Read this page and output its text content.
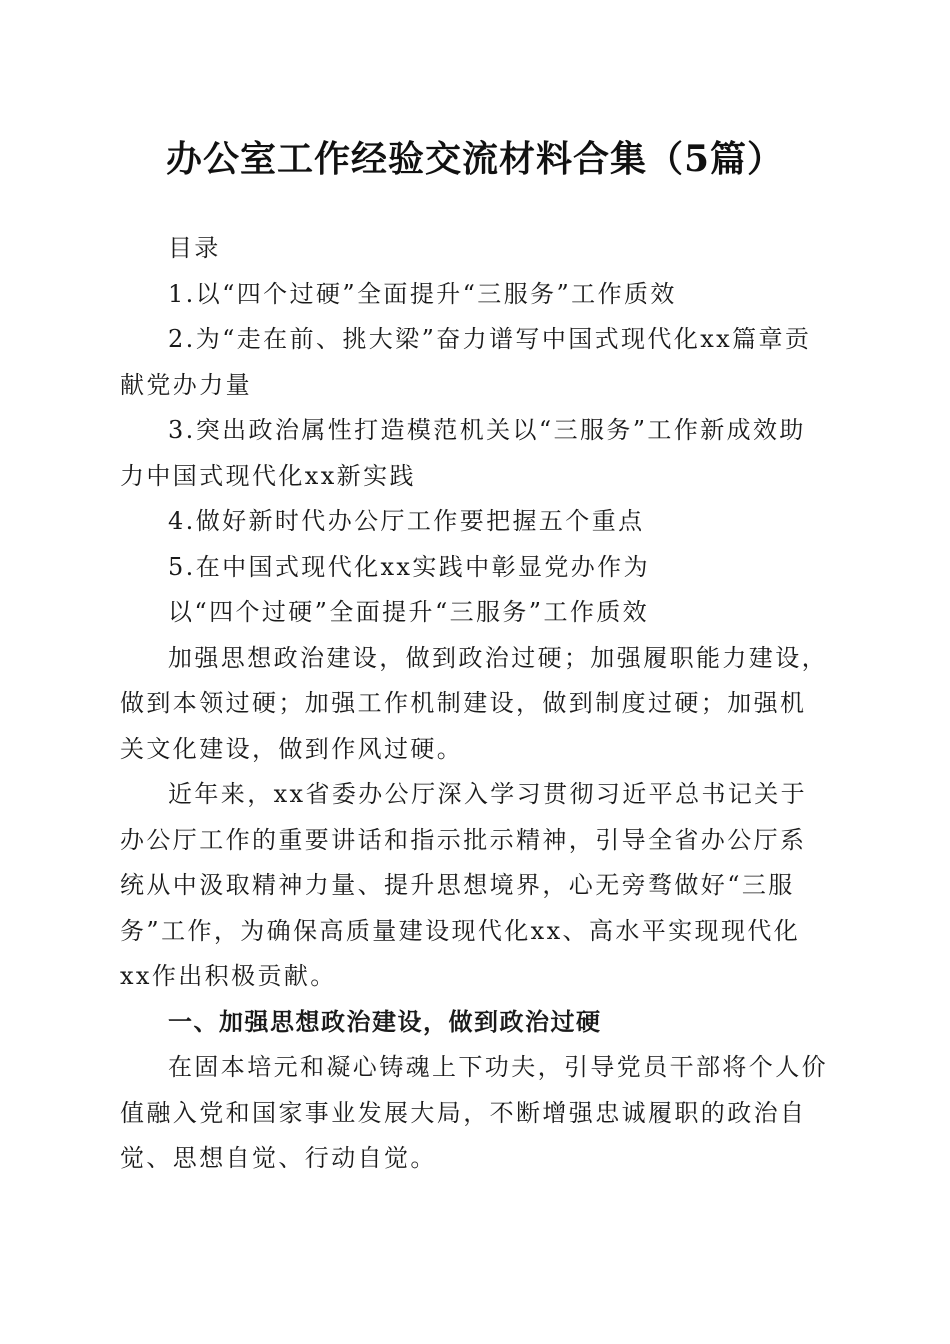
办公室工作经验交流材料合集（5篇）

目录

1.以“四个过硬”全面提升“三服务”工作质效

2.为“走在前、挑大梁”奋力谱写中国式现代化xx篇章贡献党办力量

3.突出政治属性打造模范机关以“三服务”工作新成效助力中国式现代化xx新实践

4.做好新时代办公厅工作要把握五个重点

5.在中国式现代化xx实践中彰显党办作为

以“四个过硬”全面提升“三服务”工作质效

加强思想政治建设，做到政治过硬；加强履职能力建设，做到本领过硬；加强工作机制建设，做到制度过硬；加强机关文化建设，做到作风过硬。

近年来，xx省委办公厅深入学习贯彻习近平总书记关于办公厅工作的重要讲话和指示批示精神，引导全省办公厅系统从中汲取精神力量、提升思想境界，心无旁骛做好“三服务”工作，为确保高质量建设现代化xx、高水平实现现代化xx作出积极贡献。

一、加强思想政治建设，做到政治过硬

在固本培元和凝心铸魂上下功夫，引导党员干部将个人价值融入党和国家事业发展大局，不断增强忠诚履职的政治自觉、思想自觉、行动自觉。
